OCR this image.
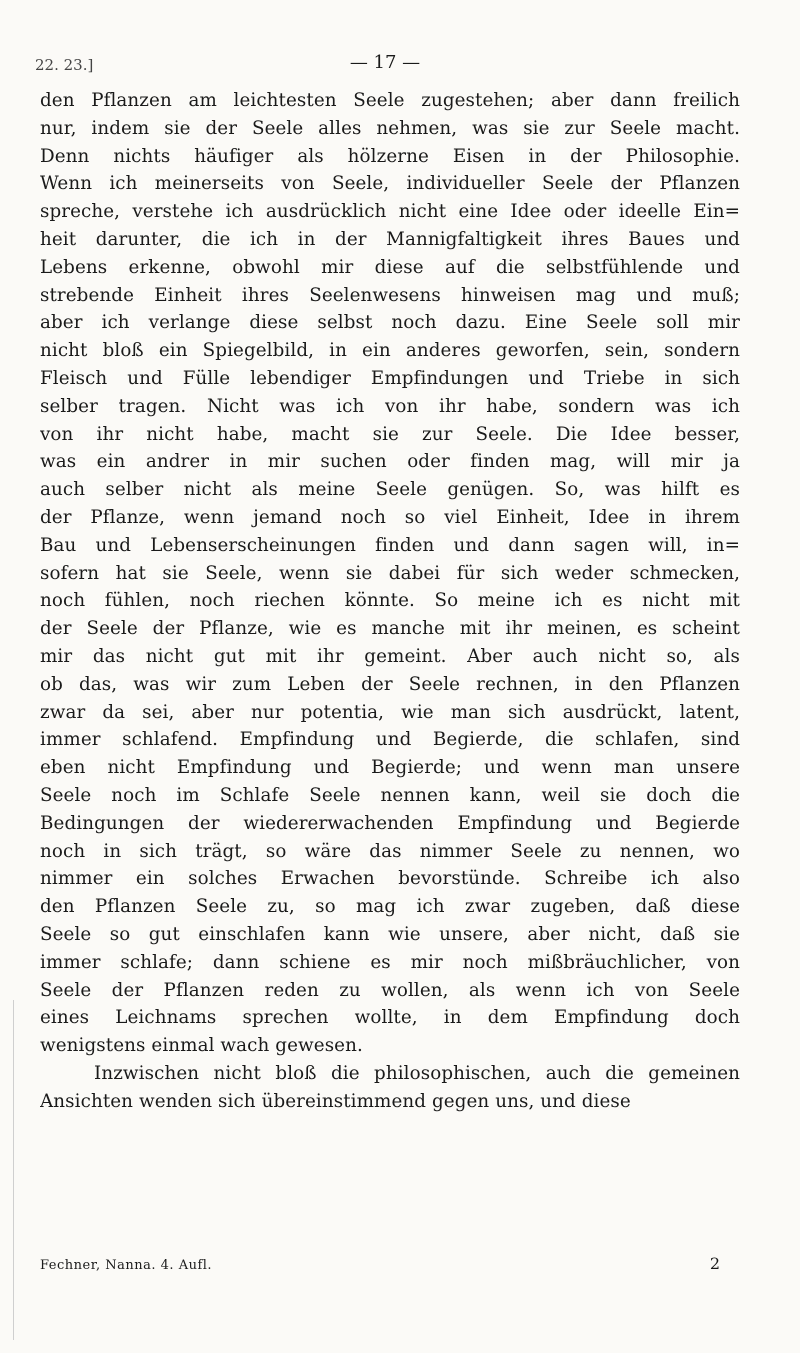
22. 23.]	— 17 —
den Pflanzen am leichtesten Seele zugestehen; aber dann freilich
nur, indem sie der Seele alles nehmen, was sie zur Seele macht.
Denn nichts häufiger als hölzerne Eisen in der Philosophie.
Wenn ich meinerseits von Seele, individueller Seele der Pflanzen
spreche, verstehe ich ausdrücklich nicht eine Idee oder ideelle Ein=
heit darunter, die ich in der Mannigfaltigkeit ihres Baues und
Lebens erkenne, obwohl mir diese auf die selbstfühlende und
strebende Einheit ihres Seelenwesens hinweisen mag und muß;
aber ich verlange diese selbst noch dazu. Eine Seele soll mir
nicht bloß ein Spiegelbild, in ein anderes geworfen, sein, sondern
Fleisch und Fülle lebendiger Empfindungen und Triebe in sich
selber tragen. Nicht was ich von ihr habe, sondern was ich
von ihr nicht habe, macht sie zur Seele. Die Idee besser,
was ein andrer in mir suchen oder finden mag, will mir ja
auch selber nicht als meine Seele genügen. So, was hilft es
der Pflanze, wenn jemand noch so viel Einheit, Idee in ihrem
Bau und Lebenserscheinungen finden und dann sagen will, in=
sofern hat sie Seele, wenn sie dabei für sich weder schmecken,
noch fühlen, noch riechen könnte. So meine ich es nicht mit
der Seele der Pflanze, wie es manche mit ihr meinen, es scheint
mir das nicht gut mit ihr gemeint. Aber auch nicht so, als
ob das, was wir zum Leben der Seele rechnen, in den Pflanzen
zwar da sei, aber nur potentia, wie man sich ausdrückt, latent,
immer schlafend. Empfindung und Begierde, die schlafen, sind
eben nicht Empfindung und Begierde; und wenn man unsere
Seele noch im Schlafe Seele nennen kann, weil sie doch die
Bedingungen der wiedererwachenden Empfindung und Begierde
noch in sich trägt, so wäre das nimmer Seele zu nennen, wo
nimmer ein solches Erwachen bevorstünde. Schreibe ich also
den Pflanzen Seele zu, so mag ich zwar zugeben, daß diese
Seele so gut einschlafen kann wie unsere, aber nicht, daß sie
immer schlafe; dann schiene es mir noch mißbräuchlicher, von
Seele der Pflanzen reden zu wollen, als wenn ich von Seele
eines Leichnams sprechen wollte, in dem Empfindung doch
wenigstens einmal wach gewesen.
Inzwischen nicht bloß die philosophischen, auch die gemeinen
Ansichten wenden sich übereinstimmend gegen uns, und diese
Fechner, Nanna. 4. Aufl.	2
